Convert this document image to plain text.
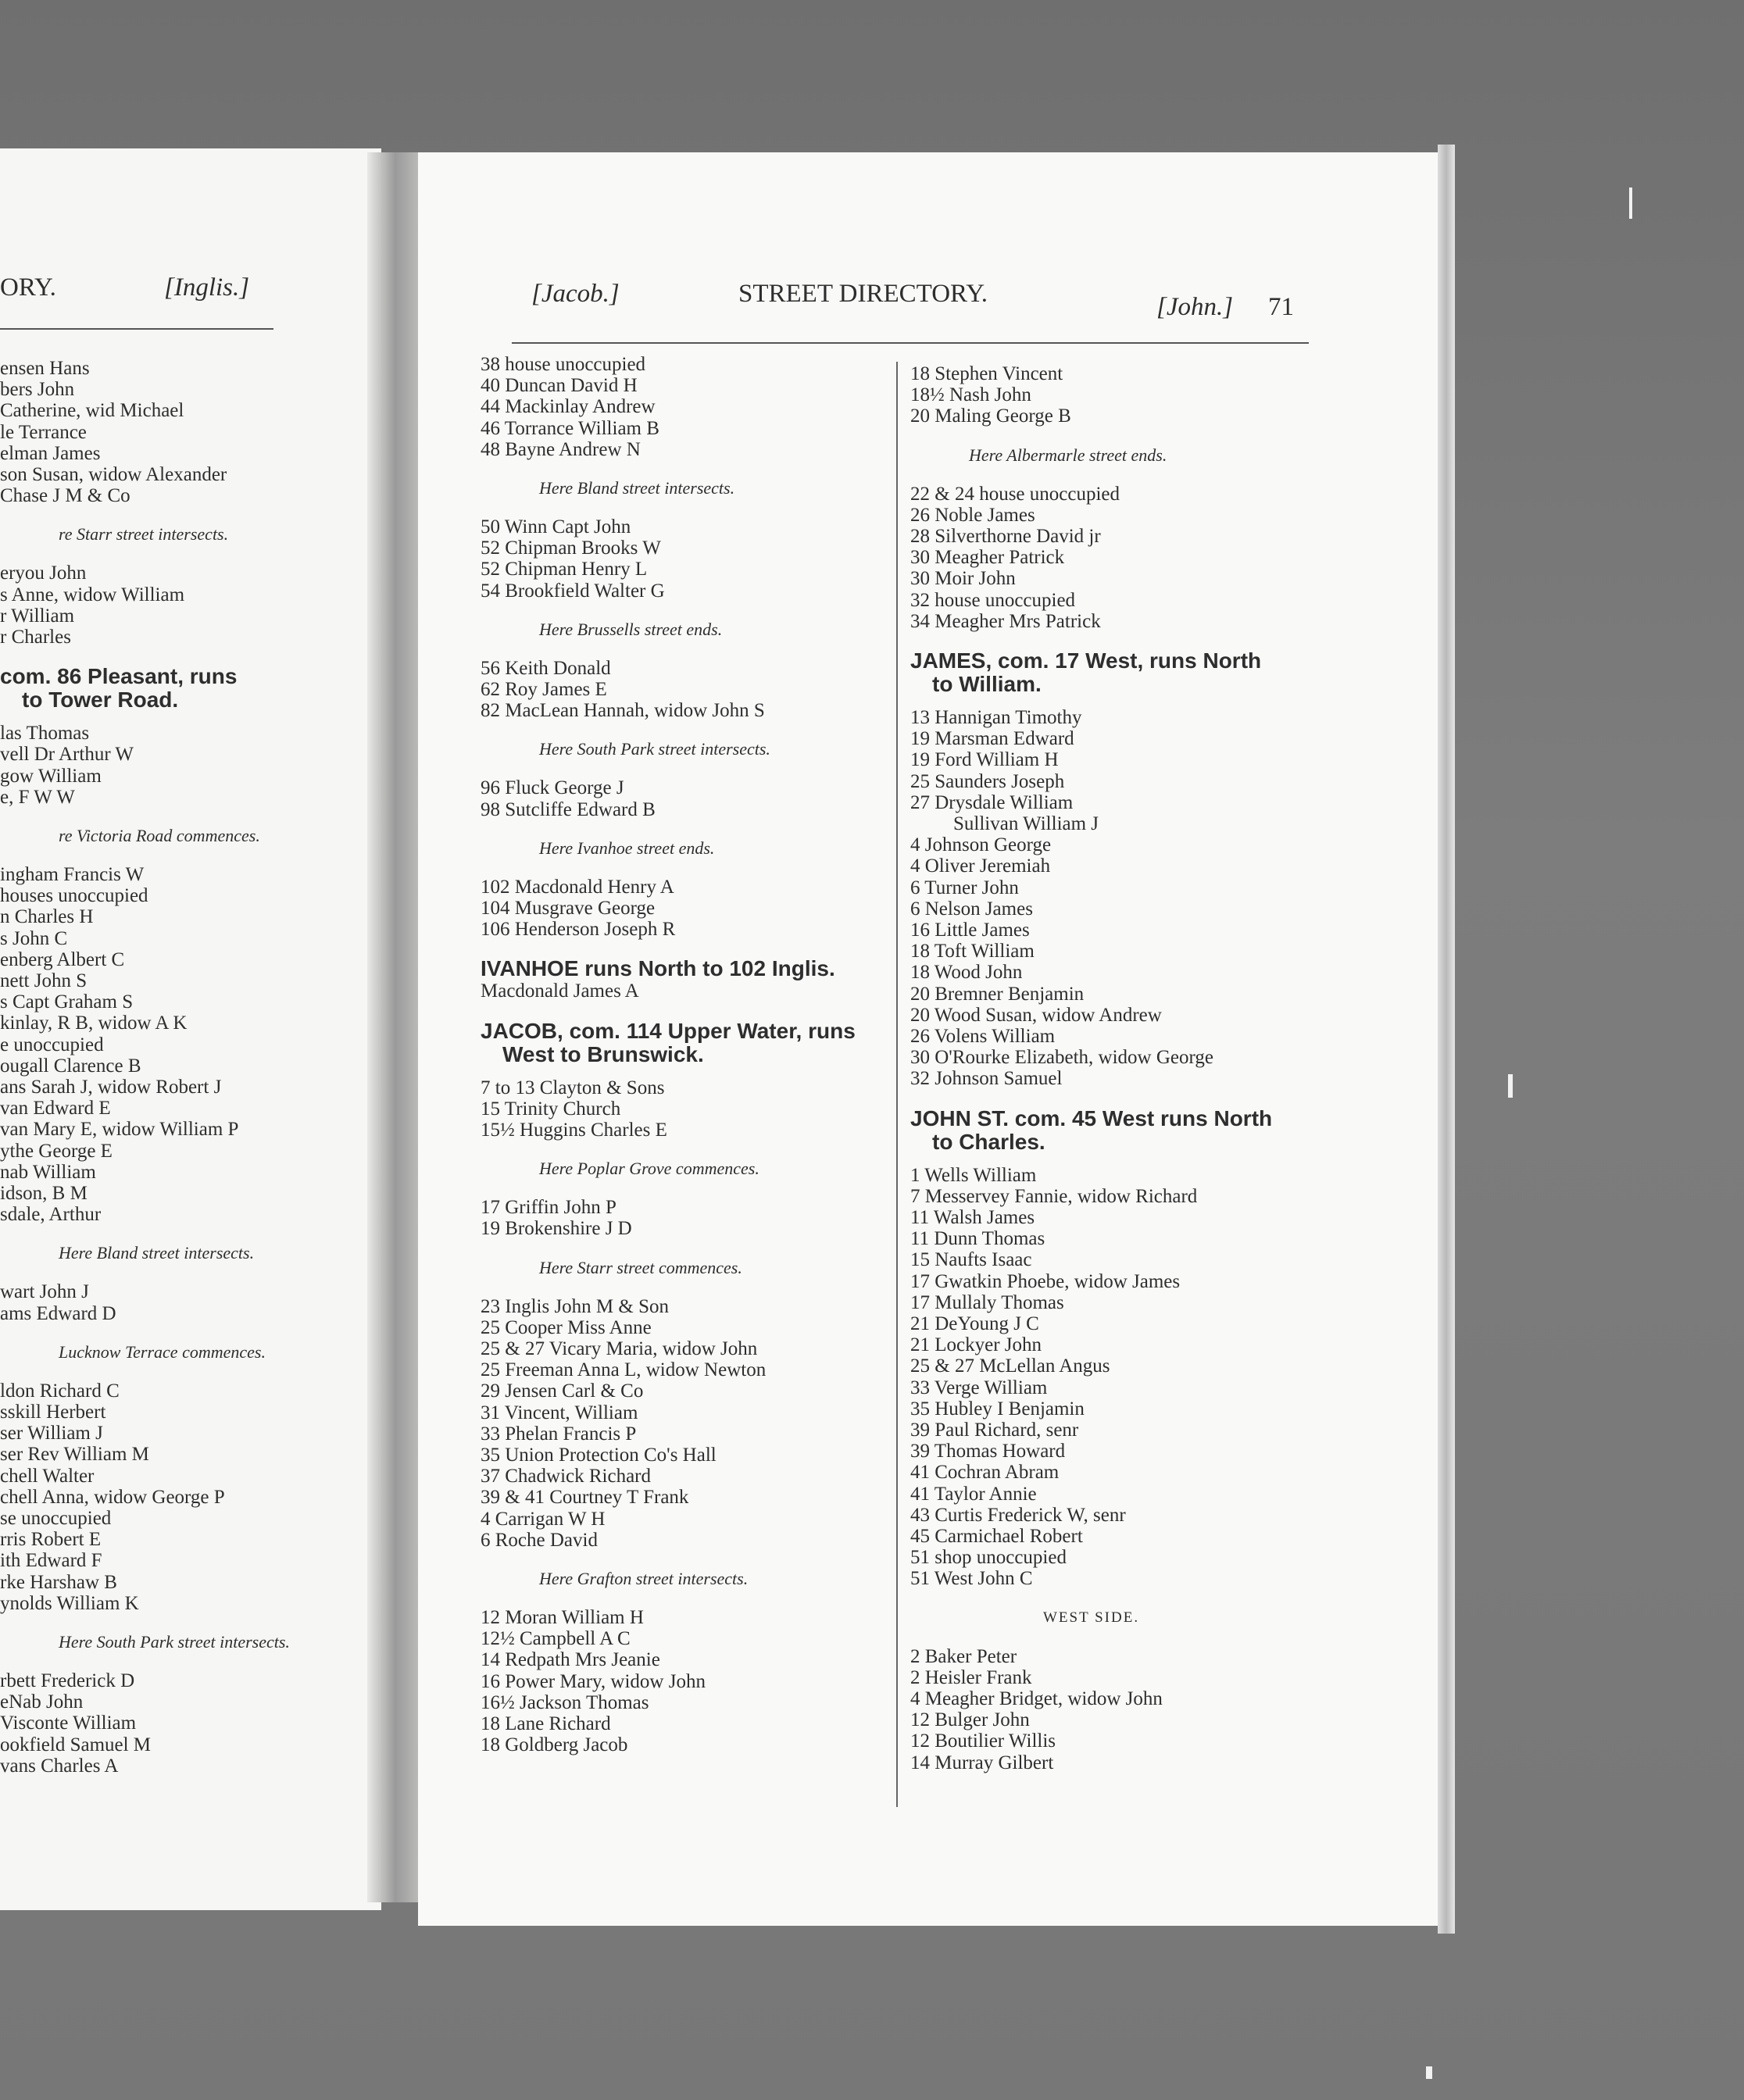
ORY.	[Inglis.]
ensen Hans
bers John
Catherine, wid Michael
le Terrance
elman James
son Susan, widow Alexander
Chase J M & Co
re Starr street intersects.
eryou John
s Anne, widow William
r William
r Charles
com. 86 Pleasant, runs
to Tower Road.
las Thomas
vell Dr Arthur W
gow William
e, F W W
re Victoria Road commences.
ingham Francis W
houses unoccupied
n Charles H
s John C
enberg Albert C
nett John S
s Capt Graham S
kinlay, R B, widow A K
e unoccupied
ougall Clarence B
ans Sarah J, widow Robert J
van Edward E
van Mary E, widow William P
ythe George E
nab William
idson, B M
sdale, Arthur
Here Bland street intersects.
wart John J
ams Edward D
Lucknow Terrace commences.
ldon Richard C
sskill Herbert
ser William J
ser Rev William M
chell Walter
chell Anna, widow George P
se unoccupied
rris Robert E
ith Edward F
rke Harshaw B
ynolds William K
Here South Park street intersects.
rbett Frederick D
eNab John
Visconte William
ookfield Samuel M
vans Charles A
[Jacob.]	STREET DIRECTORY.	[John.] 71
38 house unoccupied
40 Duncan David H
44 Mackinlay Andrew
46 Torrance William B
48 Bayne Andrew N
Here Bland street intersects.
50 Winn Capt John
52 Chipman Brooks W
52 Chipman Henry L
54 Brookfield Walter G
Here Brussells street ends.
56 Keith Donald
62 Roy James E
82 MacLean Hannah, widow John S
Here South Park street intersects.
96 Fluck George J
98 Sutcliffe Edward B
Here Ivanhoe street ends.
102 Macdonald Henry A
104 Musgrave George
106 Henderson Joseph R
IVANHOE runs North to 102 Inglis.
Macdonald James A
JACOB, com. 114 Upper Water, runs
West to Brunswick.
7 to 13 Clayton & Sons
15 Trinity Church
15½ Huggins Charles E
Here Poplar Grove commences.
17 Griffin John P
19 Brokenshire J D
Here Starr street commences.
23 Inglis John M & Son
25 Cooper Miss Anne
25 & 27 Vicary Maria, widow John
25 Freeman Anna L, widow Newton
29 Jensen Carl & Co
31 Vincent, William
33 Phelan Francis P
35 Union Protection Co's Hall
37 Chadwick Richard
39 & 41 Courtney T Frank
4 Carrigan W H
6 Roche David
Here Grafton street intersects.
12 Moran William H
12½ Campbell A C
14 Redpath Mrs Jeanie
16 Power Mary, widow John
16½ Jackson Thomas
18 Lane Richard
18 Goldberg Jacob
18 Stephen Vincent
18½ Nash John
20 Maling George B
Here Albermarle street ends.
22 & 24 house unoccupied
26 Noble James
28 Silverthorne David jr
30 Meagher Patrick
30 Moir John
32 house unoccupied
34 Meagher Mrs Patrick
JAMES, com. 17 West, runs North
to William.
13 Hannigan Timothy
19 Marsman Edward
19 Ford William H
25 Saunders Joseph
27 Drysdale William
Sullivan William J
4 Johnson George
4 Oliver Jeremiah
6 Turner John
6 Nelson James
16 Little James
18 Toft William
18 Wood John
20 Bremner Benjamin
20 Wood Susan, widow Andrew
26 Volens William
30 O'Rourke Elizabeth, widow George
32 Johnson Samuel
JOHN ST. com. 45 West runs North
to Charles.
1 Wells William
7 Messervey Fannie, widow Richard
11 Walsh James
11 Dunn Thomas
15 Naufts Isaac
17 Gwatkin Phoebe, widow James
17 Mullaly Thomas
21 DeYoung J C
21 Lockyer John
25 & 27 McLellan Angus
33 Verge William
35 Hubley I Benjamin
39 Paul Richard, senr
39 Thomas Howard
41 Cochran Abram
41 Taylor Annie
43 Curtis Frederick W, senr
45 Carmichael Robert
51 shop unoccupied
51 West John C
WEST SIDE.
2 Baker Peter
2 Heisler Frank
4 Meagher Bridget, widow John
12 Bulger John
12 Boutilier Willis
14 Murray Gilbert
